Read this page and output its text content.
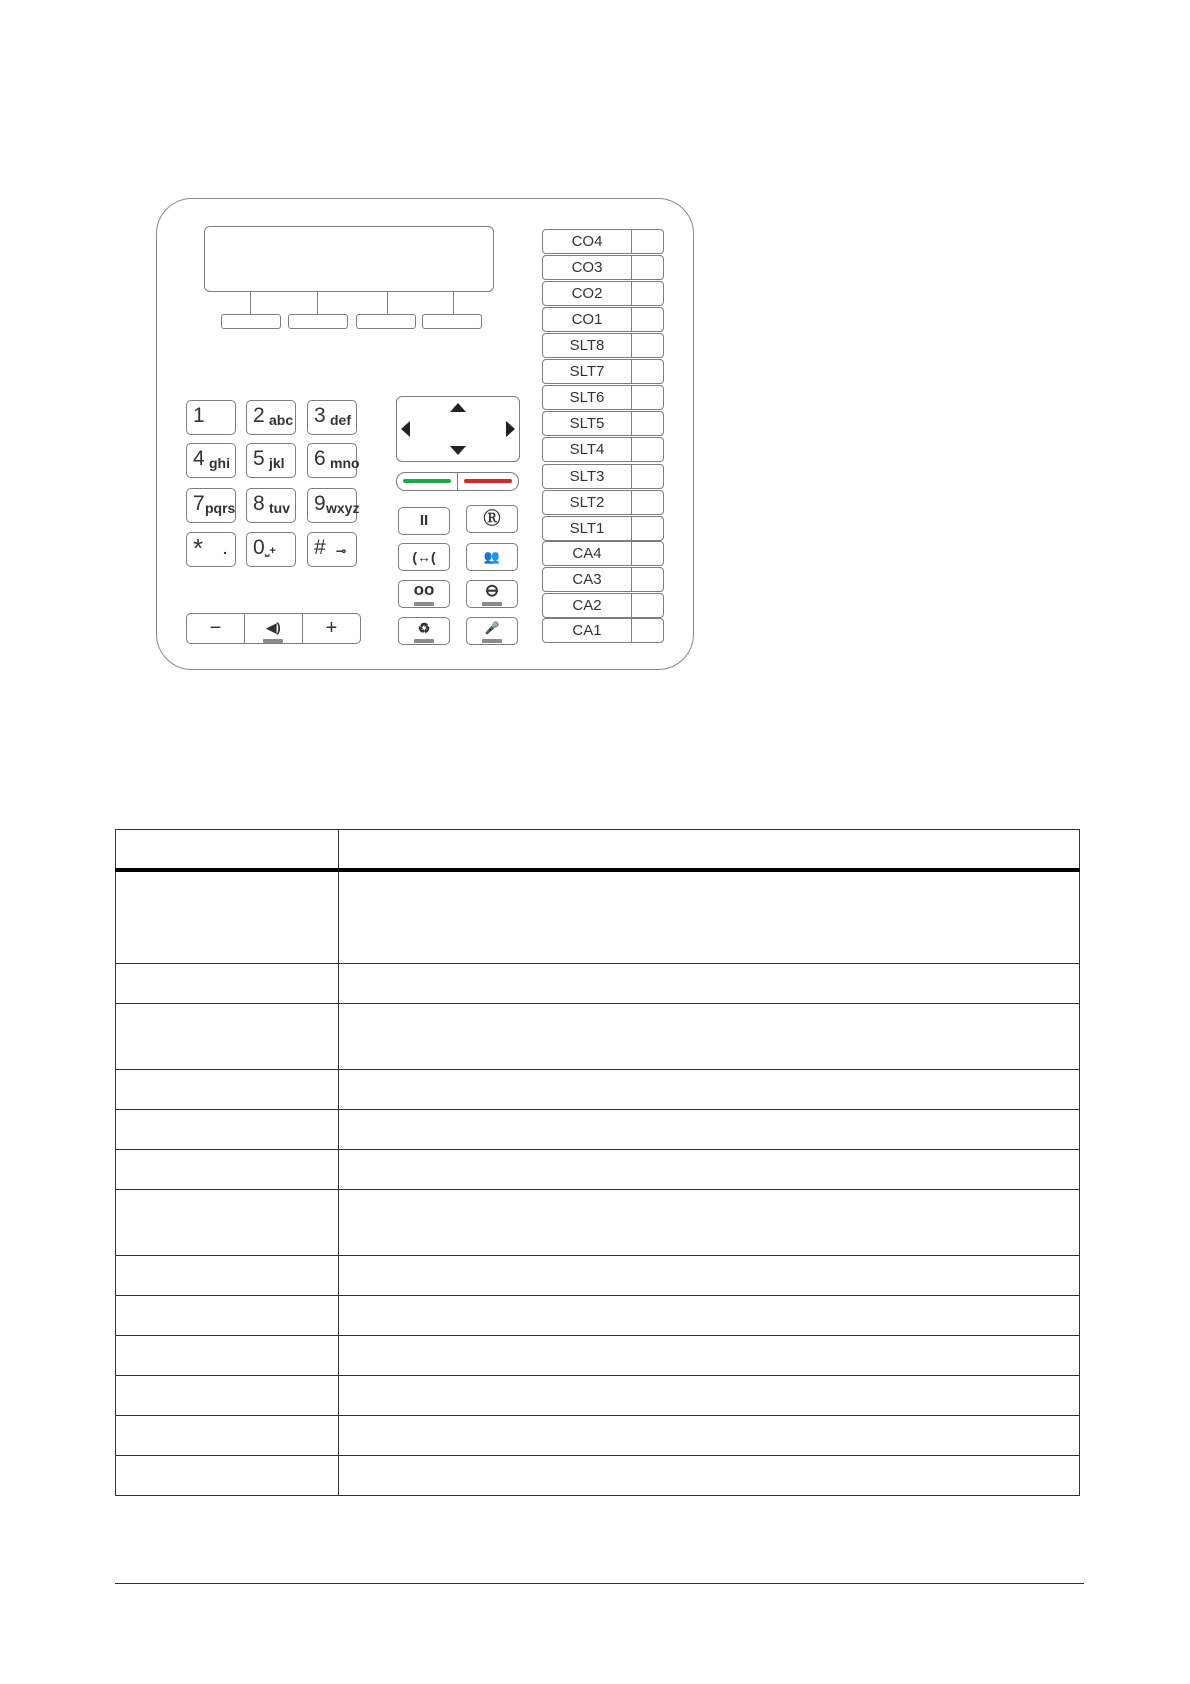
1 2 abc 3 def
4 ghi 5 jkl 6 mno
7 pqrs 8 tuv 9 wxyz
* . 0 ⎵+ # ⊸
II	Ⓡ
(↔(	👥
oo	⊖
♻	🎤
−	◀)	+
CO4
CO3
CO2
CO1
SLT8
SLT7
SLT6
SLT5
SLT4
SLT3
SLT2
SLT1
CA4
CA3
CA2
CA1
